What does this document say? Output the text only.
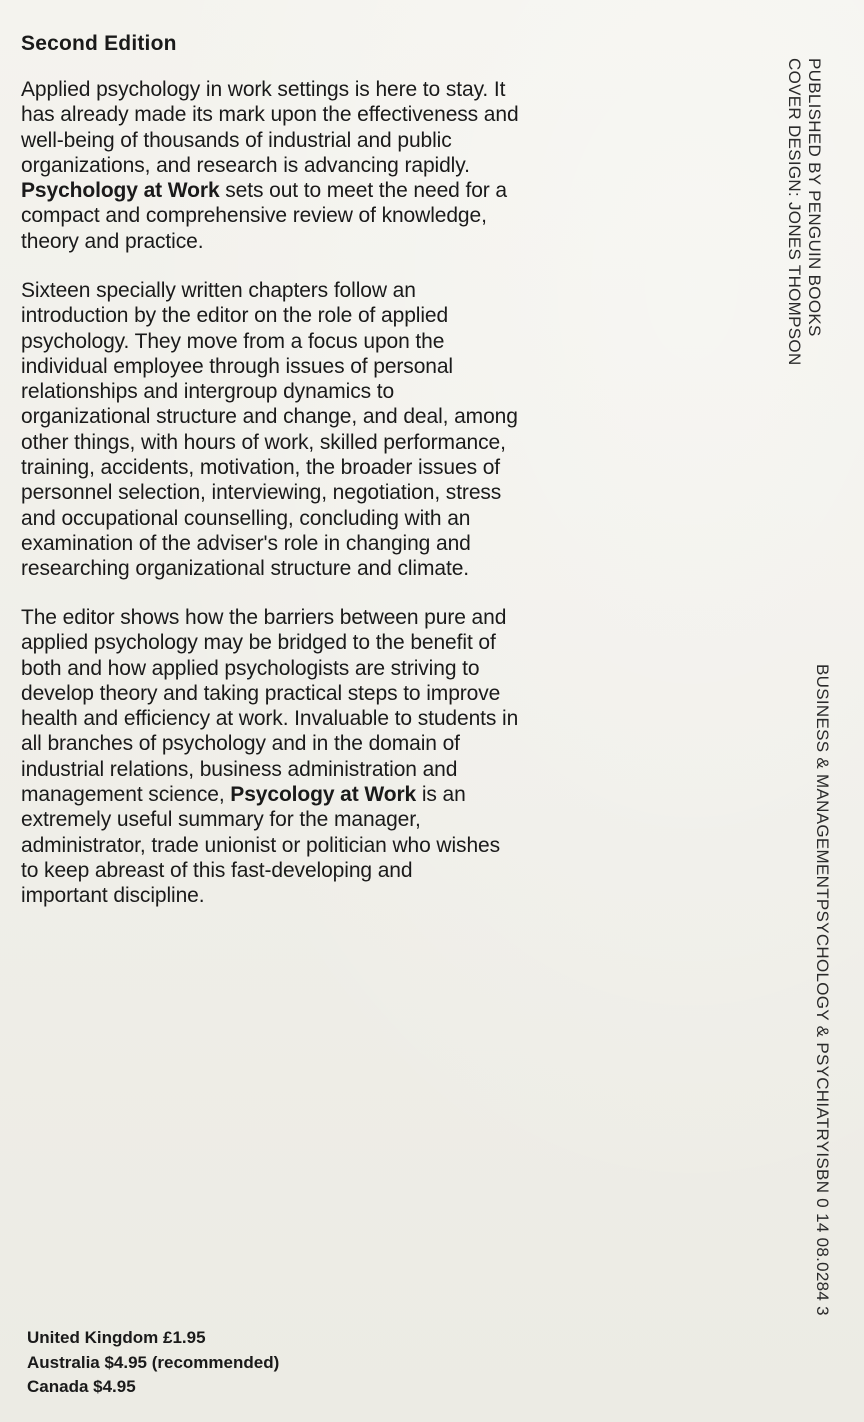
Second Edition

Applied psychology in work settings is here to stay. It
has already made its mark upon the effectiveness and
well-being of thousands of industrial and public
organizations, and research is advancing rapidly.
Psychology at Work sets out to meet the need for a
compact and comprehensive review of knowledge,
theory and practice.

Sixteen specially written chapters follow an
introduction by the editor on the role of applied
psychology. They move from a focus upon the
individual employee through issues of personal
relationships and intergroup dynamics to
organizational structure and change, and deal, among
other things, with hours of work, skilled performance,
training, accidents, motivation, the broader issues of
personnel selection, interviewing, negotiation, stress
and occupational counselling, concluding with an
examination of the adviser's role in changing and
researching organizational structure and climate.

The editor shows how the barriers between pure and
applied psychology may be bridged to the benefit of
both and how applied psychologists are striving to
develop theory and taking practical steps to improve
health and efficiency at work. Invaluable to students in
all branches of psychology and in the domain of
industrial relations, business administration and
management science, Psycology at Work is an
extremely useful summary for the manager,
administrator, trade unionist or politician who wishes
to keep abreast of this fast-developing and
important discipline.

United Kingdom £1.95
Australia $4.95 (recommended)
Canada $4.95
PUBLISHED BY PENGUIN BOOKS
COVER DESIGN: JONES THOMPSON
BUSINESS & MANAGEMENTPSYCHOLOGY & PSYCHIATRYISBN 0 14 08.0284 3
